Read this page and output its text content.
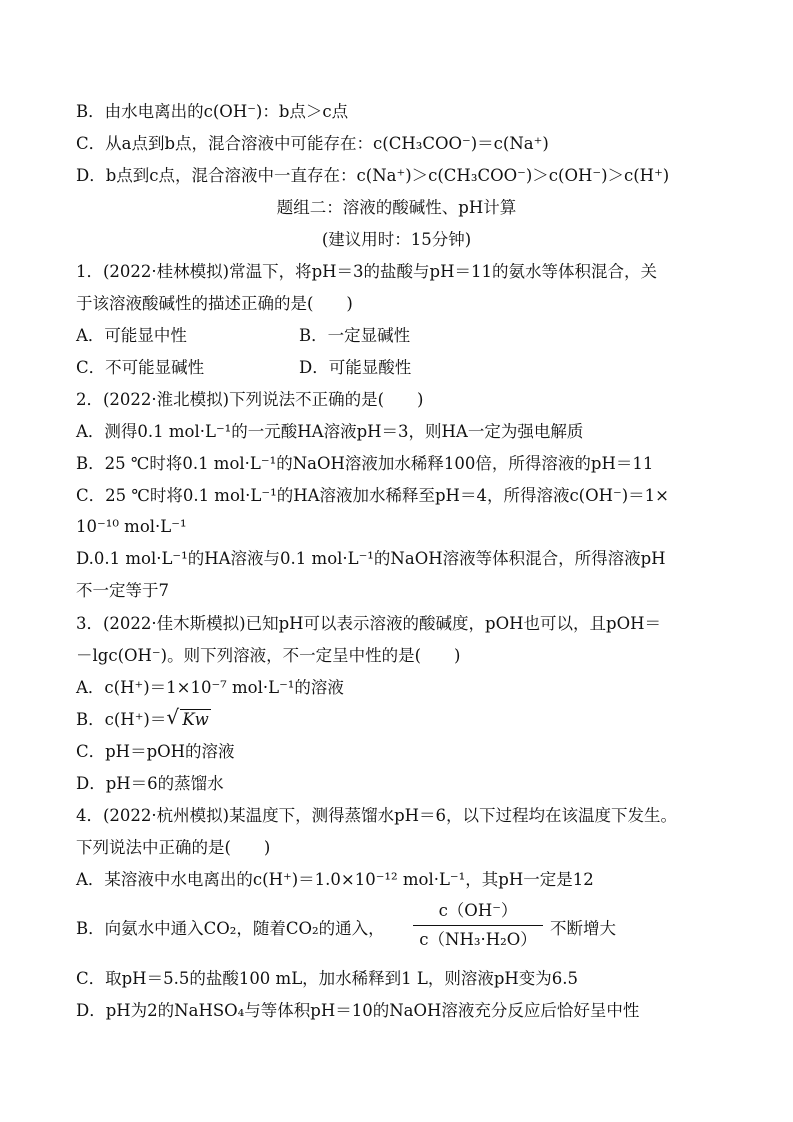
B．由水电离出的c(OH⁻)：b点＞c点
C．从a点到b点，混合溶液中可能存在：c(CH₃COO⁻)＝c(Na⁺)
D．b点到c点，混合溶液中一直存在：c(Na⁺)＞c(CH₃COO⁻)＞c(OH⁻)＞c(H⁺)
题组二：溶液的酸碱性、pH计算
(建议用时：15分钟)
1．(2022·桂林模拟)常温下，将pH＝3的盐酸与pH＝11的氨水等体积混合，关
于该溶液酸碱性的描述正确的是(　　)
A．可能显中性	B．一定显碱性
C．不可能显碱性	D．可能显酸性
2．(2022·淮北模拟)下列说法不正确的是(　　)
A．测得0.1 mol·L⁻¹的一元酸HA溶液pH＝3，则HA一定为强电解质
B．25 ℃时将0.1 mol·L⁻¹的NaOH溶液加水稀释100倍，所得溶液的pH＝11
C．25 ℃时将0.1 mol·L⁻¹的HA溶液加水稀释至pH＝4，所得溶液c(OH⁻)＝1×
10⁻¹⁰ mol·L⁻¹
D.0.1 mol·L⁻¹的HA溶液与0.1 mol·L⁻¹的NaOH溶液等体积混合，所得溶液pH
不一定等于7
3．(2022·佳木斯模拟)已知pH可以表示溶液的酸碱度，pOH也可以，且pOH＝
－lgc(OH⁻)。则下列溶液，不一定呈中性的是(　　)
A．c(H⁺)＝1×10⁻⁷ mol·L⁻¹的溶液
B．c(H⁺)＝ √ Kw
C．pH＝pOH的溶液
D．pH＝6的蒸馏水
4．(2022·杭州模拟)某温度下，测得蒸馏水pH＝6，以下过程均在该温度下发生。
下列说法中正确的是(　　)
A．某溶液中水电离出的c(H⁺)＝1.0×10⁻¹² mol·L⁻¹，其pH一定是12
B．向氨水中通入CO₂，随着CO₂的通入， $\frac{c(OH^-)}{\text{c（NH₃·H₂O）}}$ 不断增大
C．取pH＝5.5的盐酸100 mL，加水稀释到1 L，则溶液pH变为6.5
D．pH为2的NaHSO₄与等体积pH＝10的NaOH溶液充分反应后恰好呈中性
